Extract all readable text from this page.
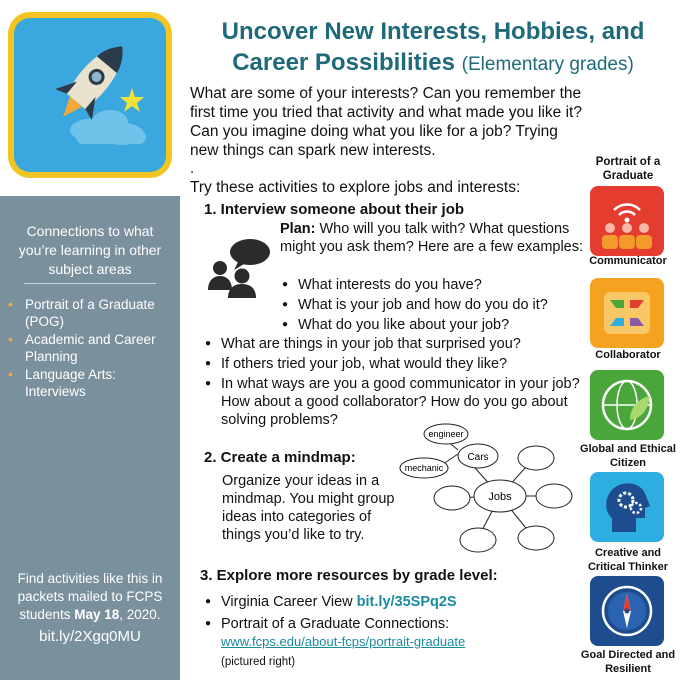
Connections to what you’re learning in other subject areas
• Portrait of a Graduate (POG)
• Academic and Career Planning
• Language Arts: Interviews
Find activities like this in packets mailed to FCPS students May 18, 2020.
bit.ly/2Xgq0MU
Uncover New Interests, Hobbies, and Career Possibilities (Elementary grades)
What are some of your interests? Can you remember the first time you tried that activity and what made you like it? Can you imagine doing what you like for a job? Trying new things can spark new interests.
.
Try these activities to explore jobs and interests:
1. Interview someone about their job
Plan: Who will you talk with? What questions might you ask them? Here are a few examples:
● What interests do you have?
● What is your job and how do you do it?
● What do you like about your job?
● What are things in your job that surprised you?
● If others tried your job, what would they like?
● In what ways are you a good communicator in your job? How about a good collaborator? How do you go about solving problems?
2. Create a mindmap:
Organize your ideas in a mindmap. You might group ideas into categories of things you’d like to try.
Jobs
Cars
engineer
mechanic
3. Explore more resources by grade level:
● Virginia Career View bit.ly/35SPq2S
● Portrait of a Graduate Connections:
www.fcps.edu/about-fcps/portrait-graduate
(pictured right)
Portrait of a Graduate
Communicator
Collaborator
Global and Ethical Citizen
Creative and Critical Thinker
Goal Directed and Resilient
